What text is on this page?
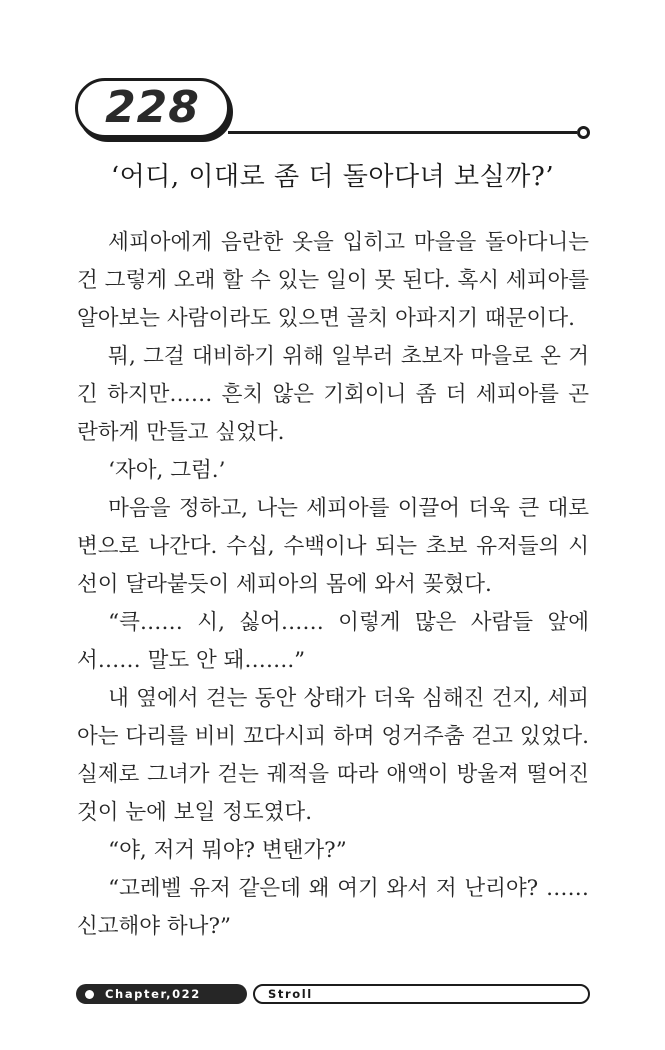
228
‘어디, 이대로 좀 더 돌아다녀 보실까?’

세피아에게 음란한 옷을 입히고 마을을 돌아다니는 건 그렇게 오래 할 수 있는 일이 못 된다. 혹시 세피아를 알아보는 사람이라도 있으면 골치 아파지기 때문이다.

뭐, 그걸 대비하기 위해 일부러 초보자 마을로 온 거긴 하지만…… 흔치 않은 기회이니 좀 더 세피아를 곤란하게 만들고 싶었다.

‘자아, 그럼.’

마음을 정하고, 나는 세피아를 이끌어 더욱 큰 대로변으로 나간다. 수십, 수백이나 되는 초보 유저들의 시선이 달라붙듯이 세피아의 몸에 와서 꽂혔다.

“큭…… 시, 싫어…… 이렇게 많은 사람들 앞에서…… 말도 안 돼…….”

내 옆에서 걷는 동안 상태가 더욱 심해진 건지, 세피아는 다리를 비비 꼬다시피 하며 엉거주춤 걷고 있었다. 실제로 그녀가 걷는 궤적을 따라 애액이 방울져 떨어진 것이 눈에 보일 정도였다.

“야, 저거 뭐야? 변탠가?”

“고레벨 유저 같은데 왜 여기 와서 저 난리야? ……신고해야 하나?”

Chapter,022	Stroll
